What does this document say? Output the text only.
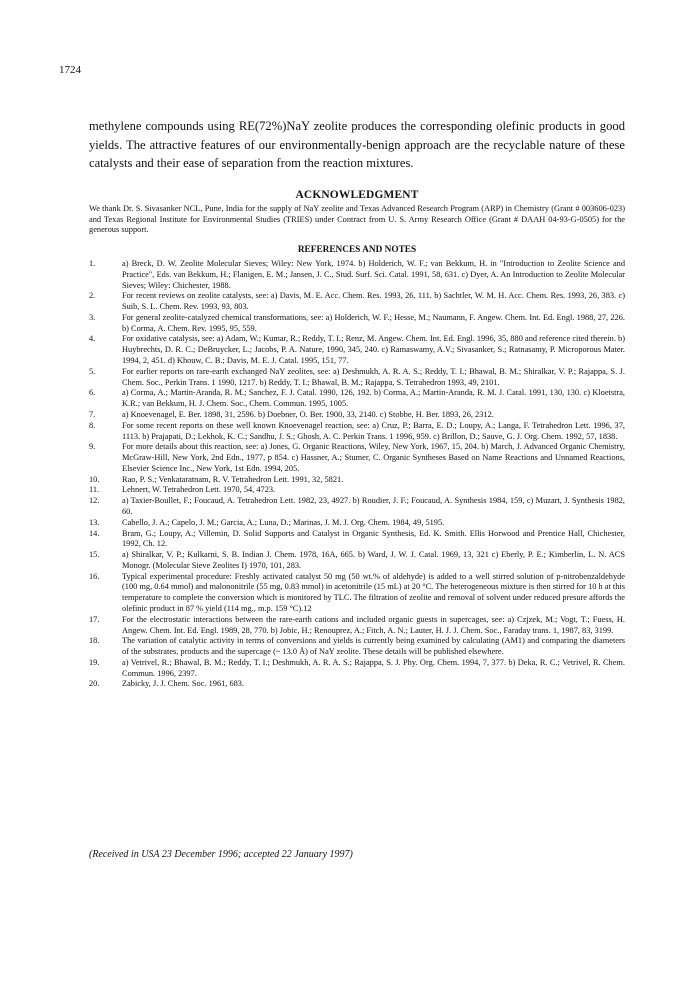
1724

methylene compounds using RE(72%)NaY zeolite produces the corresponding olefinic products in good yields. The attractive features of our environmentally-benign approach are the recyclable nature of these catalysts and their ease of separation from the reaction mixtures.

ACKNOWLEDGMENT

We thank Dr. S. Sivasanker NCL, Pune, India for the supply of NaY zeolite and Texas Advanced Research Program (ARP) in Chemistry (Grant # 003606-023) and Texas Regional Institute for Environmental Studies (TRIES) under Contract from U. S. Army Research Office (Grant # DAAH 04-93-G-0505) for the generous support.

REFERENCES AND NOTES
1.	a) Breck, D. W. Zeolite Molecular Sieves; Wiley: New York, 1974. b) Holderich, W. F.; van Bekkum, H. in "Introduction to Zeolite Science and Practice", Eds. van Bekkum, H.; Flanigen, E. M.; Jansen, J. C., Stud. Surf. Sci. Catal. 1991, 58, 631. c) Dyer, A. An Introduction to Zeolite Molecular Sieves; Wiley: Chichester, 1988.
2.	For recent reviews on zeolite catalysts, see: a) Davis, M. E. Acc. Chem. Res. 1993, 26, 111. b) Sachtler, W. M. H. Acc. Chem. Res. 1993, 26, 383. c) Suib, S. L. Chem. Rev. 1993, 93, 803.
3.	For general zeolite-catalyzed chemical transformations, see: a) Holderich, W. F.; Hesse, M.; Naumann, F. Angew. Chem. Int. Ed. Engl. 1988, 27, 226. b) Corma, A. Chem. Rev. 1995, 95, 559.
4.	For oxidative catalysis, see: a) Adam, W.; Kumar, R.; Reddy, T. I.; Renz, M. Angew. Chem. Int. Ed. Engl. 1996, 35, 880 and reference cited therein. b) Huybrechts, D. R. C.; DeBruycker, L.; Jacobs, P. A. Nature, 1990, 345, 240. c) Ramaswamy, A.V.; Sivasanker, S.; Ratnasamy, P. Microporous Mater. 1994, 2, 451. d) Khouw, C. B.; Davis, M. E. J. Catal. 1995, 151, 77.
5.	For earlier reports on rare-earth exchanged NaY zeolites, see: a) Deshmukh, A. R. A. S.; Reddy, T. I.; Bhawal, B. M.; Shiralkar, V. P.; Rajappa, S. J. Chem. Soc., Perkin Trans. 1 1990, 1217. b) Reddy, T. I.; Bhawal, B. M.; Rajappa, S. Tetrahedron 1993, 49, 2101.
6.	a) Corma, A.; Martin-Aranda, R. M.; Sanchez, F. J. Catal. 1990, 126, 192. b) Corma, A.; Martin-Aranda, R. M. J. Catal. 1991, 130, 130. c) Kloetstra, K.R.; van Bekkum, H. J. Chem. Soc., Chem. Commun. 1995, 1005.
7.	a) Knoevenagel, E. Ber. 1898, 31, 2596. b) Doebner, O. Ber. 1900, 33, 2140. c) Stobbe, H. Ber. 1893, 26, 2312.
8.	For some recent reports on these well known Knoevenagel reaction, see: a) Cruz, P.; Barra, E. D.; Loupy, A.; Langa, F. Tetrahedron Lett. 1996, 37, 1113. b) Prajapati, D.; Lekhok, K. C.; Sandhu, J. S.; Ghosh, A. C. Perkin Trans. 1 1996, 959. c) Brillon, D.; Sauve, G. J. Org. Chem. 1992, 57, 1838.
9.	For more details about this reaction, see: a) Jones, G. Organic Reactions, Wiley, New York, 1967, 15, 204. b) March, J. Advanced Organic Chemistry, McGraw-Hill, New York, 2nd Edn., 1977, p 854. c) Hassner, A.; Stumer, C. Organic Syntheses Based on Name Reactions and Unnamed Reactions, Elsevier Science Inc., New York, 1st Edn. 1994, 205.
10.	Rao, P. S.; Venkataratnam, R. V. Tetrahedron Lett. 1991, 32, 5821.
11.	Lehnert, W. Tetrahedron Lett. 1970, 54, 4723.
12.	a) Taxier-Boullet, F.; Foucaud, A. Tetrahedron Lett. 1982, 23, 4927. b) Roudier, J. F.; Foucaud, A. Synthesis 1984, 159, c) Muzart, J. Synthesis 1982, 60.
13.	Cabello, J. A.; Capelo, J. M.; Garcia, A.; Luna, D.; Marinas, J. M. J. Org. Chem. 1984, 49, 5195.
14.	Bram, G.; Loupy, A.; Villemin, D. Solid Supports and Catalyst in Organic Synthesis, Ed. K. Smith. Ellis Horwood and Prentice Hall, Chichester, 1992, Ch. 12.
15.	a) Shiralkar, V. P.; Kulkarni, S. B. Indian J. Chem. 1978, 16A, 665. b) Ward, J. W. J. Catal. 1969, 13, 321 c) Eberly, P. E.; Kimberlin, L. N. ACS Monogr. (Molecular Sieve Zeolites I) 1970, 101, 283.
16.	Typical experimental procedure: Freshly activated catalyst 50 mg (50 wt.% of aldehyde) is added to a well stirred solution of p-nitrobenzaldehyde (100 mg, 0.64 mmol) and malononitrile (55 mg, 0.83 mmol) in acetonitrile (15 mL) at 20 °C. The heterogeneous mixture is then stirred for 10 h at this temperature to complete the conversion which is monitored by TLC. The filtration of zeolite and removal of solvent under reduced presure affords the olefinic product in 87 % yield (114 mg., m.p. 159 °C).12
17.	For the electrostatic interactions between the rare-earth cations and included organic guests in supercages, see: a) Czjzek, M.; Vogt, T.; Fuess, H. Angew. Chem. Int. Ed. Engl. 1989, 28, 770. b) Jobic, H.; Renouprez, A.; Fitch, A. N.; Lauter, H. J. J. Chem. Soc., Faraday trans. 1, 1987, 83, 3199.
18.	The variation of catalytic activity in terms of conversions and yields is currently being examined by calculating (AM1) and comparing the diameters of the substrates, products and the supercage (~ 13.0 Å) of NaY zeolite. These details will be published elsewhere.
19.	a) Vetrivel, R.; Bhawal, B. M.; Reddy, T. I.; Deshmukh, A. R. A. S.; Rajappa, S. J. Phy. Org. Chem. 1994, 7, 377. b) Deka, R. C.; Vetrivel, R. Chem. Commun. 1996, 2397.
20.	Zabicky, J. J. Chem. Soc. 1961, 683.

(Received in USA 23 December 1996; accepted 22 January 1997)
